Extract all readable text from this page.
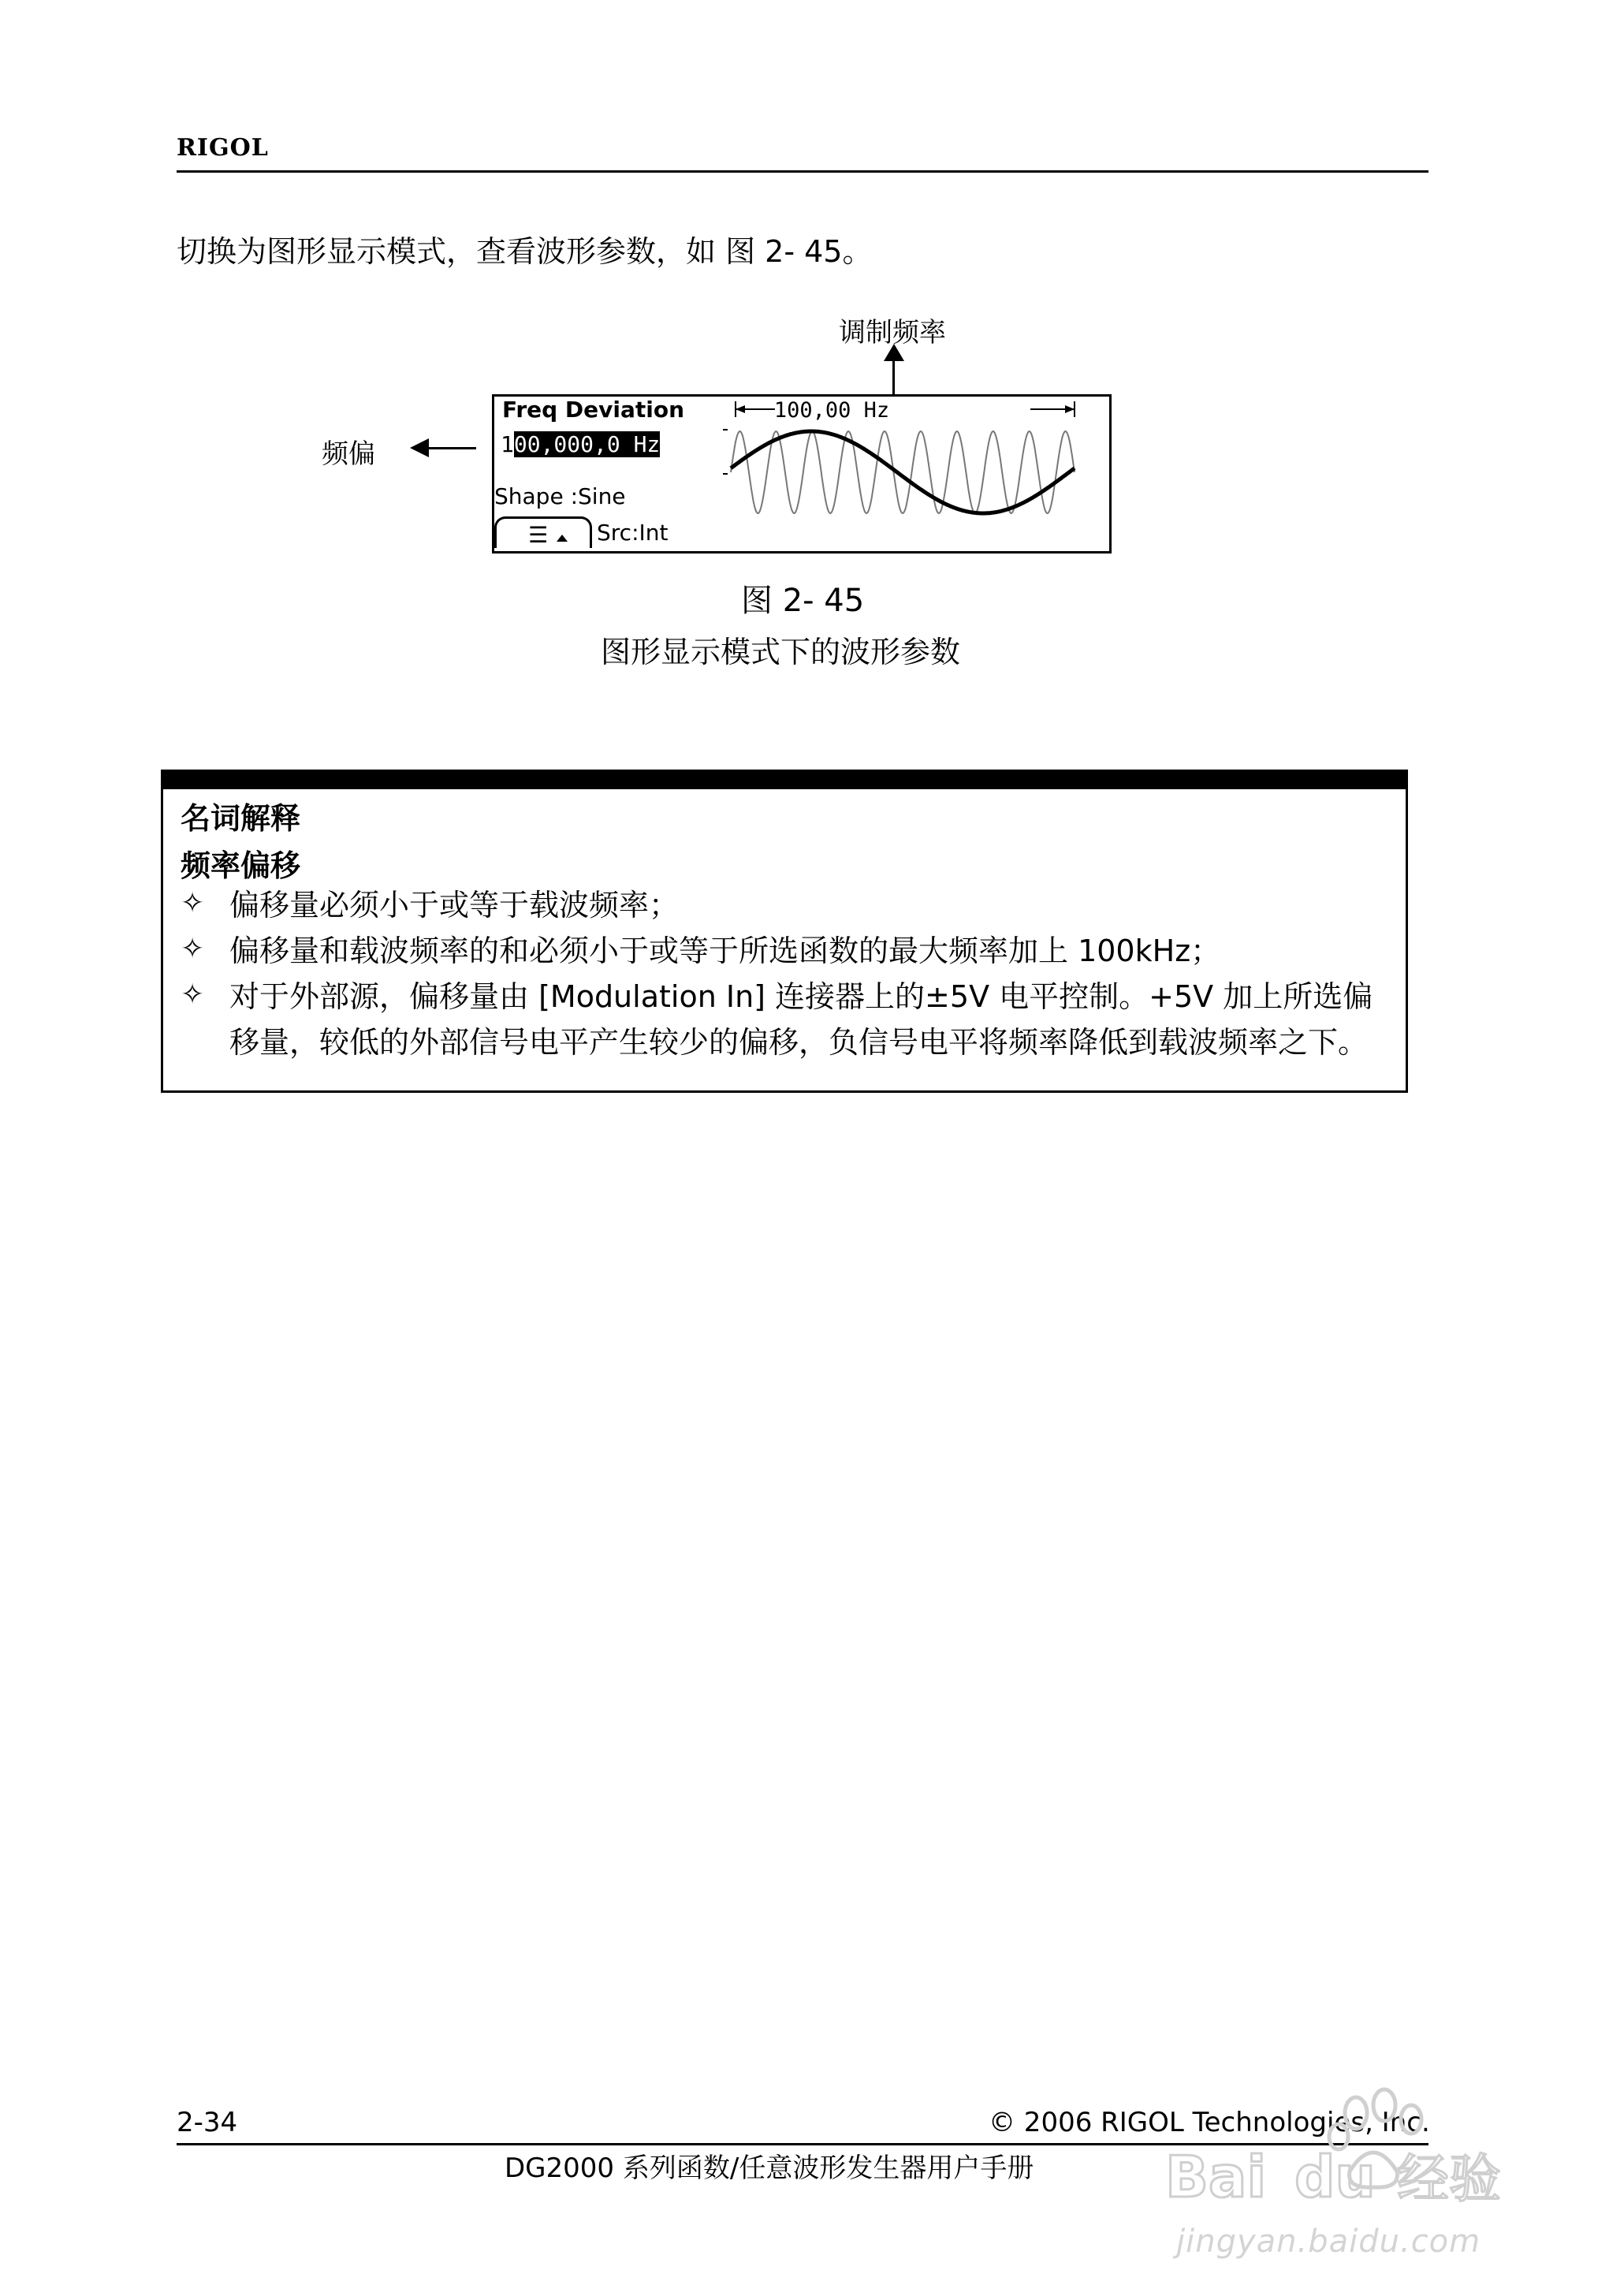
RIGOL
切换为图形显示模式，查看波形参数，如 图 2- 45。
调制频率
频偏
Freq Deviation
100,000,0 Hz
Shape :Sine
☰ Src:Int
100,00 Hz
图 2- 45
图形显示模式下的波形参数
名词解释
频率偏移
✧ 偏移量必须小于或等于载波频率；
✧ 偏移量和载波频率的和必须小于或等于所选函数的最大频率加上 100kHz；
✧ 对于外部源，偏移量由 [Modulation In] 连接器上的±5V 电平控制。+5V 加上所选偏移量，较低的外部信号电平产生较少的偏移，负信号电平将频率降低到载波频率之下。
2-34	© 2006 RIGOL Technologies, Inc.
DG2000 系列函数/任意波形发生器用户手册 Bai du 经验
jingyan.baidu.com
